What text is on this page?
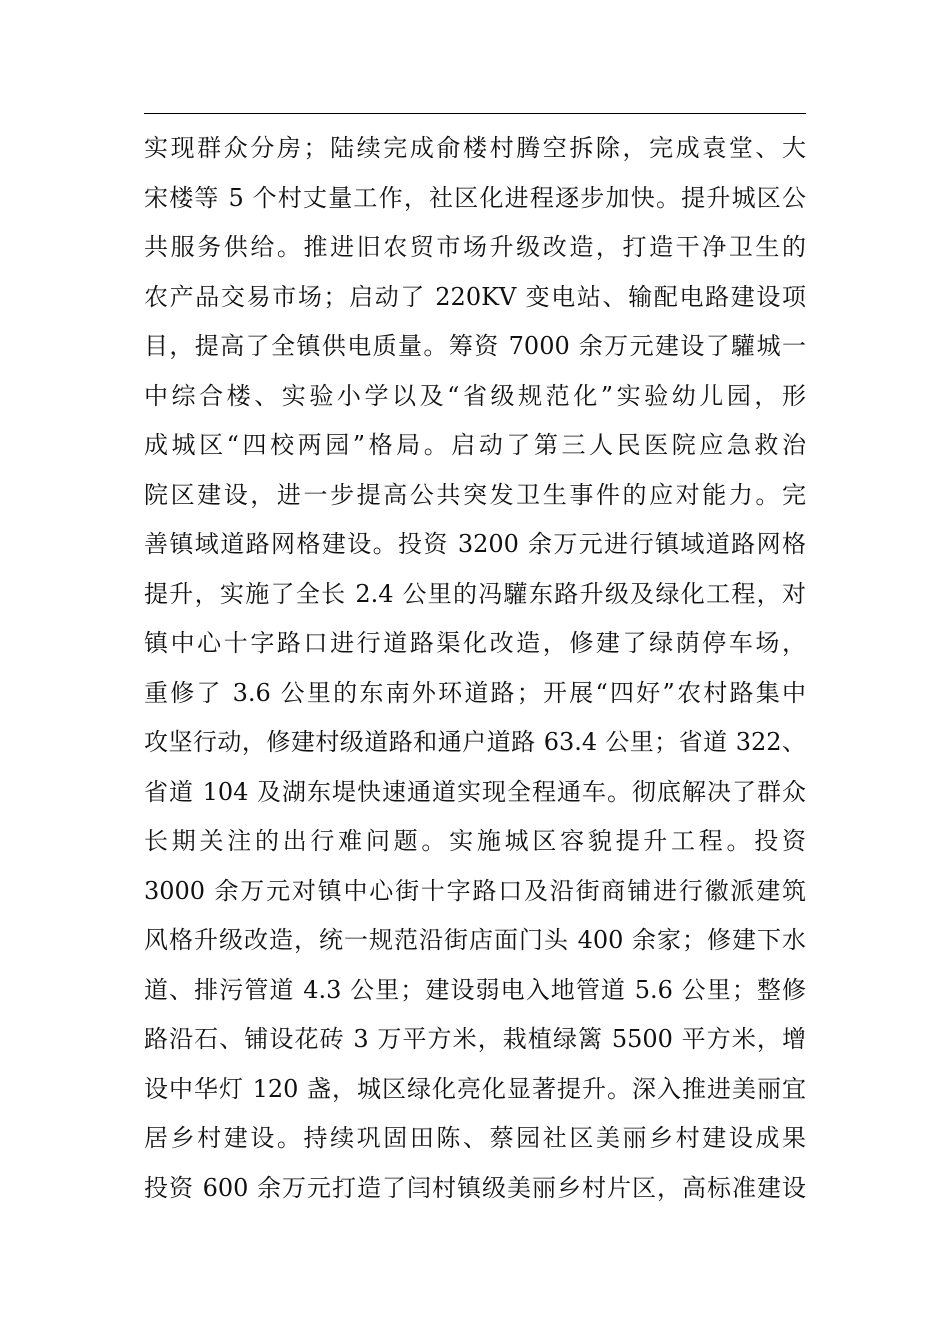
实现群众分房；陆续完成俞楼村腾空拆除，完成袁堂、大
宋楼等 5 个村丈量工作，社区化进程逐步加快。提升城区公
共服务供给。推进旧农贸市场升级改造，打造干净卫生的
农产品交易市场；启动了 220KV 变电站、输配电路建设项
目，提高了全镇供电质量。筹资 7000 余万元建设了驩城一
中综合楼、实验小学以及“省级规范化”实验幼儿园，形
成城区“四校两园”格局。启动了第三人民医院应急救治
院区建设，进一步提高公共突发卫生事件的应对能力。完
善镇域道路网格建设。投资 3200 余万元进行镇域道路网格
提升，实施了全长 2.4 公里的冯驩东路升级及绿化工程，对
镇中心十字路口进行道路渠化改造，修建了绿荫停车场，
重修了 3.6 公里的东南外环道路；开展“四好”农村路集中
攻坚行动，修建村级道路和通户道路 63.4 公里；省道 322、
省道 104 及湖东堤快速通道实现全程通车。彻底解决了群众
长期关注的出行难问题。实施城区容貌提升工程。投资
3000 余万元对镇中心街十字路口及沿街商铺进行徽派建筑
风格升级改造，统一规范沿街店面门头 400 余家；修建下水
道、排污管道 4.3 公里；建设弱电入地管道 5.6 公里；整修
路沿石、铺设花砖 3 万平方米，栽植绿篱 5500 平方米，增
设中华灯 120 盏，城区绿化亮化显著提升。深入推进美丽宜
居乡村建设。持续巩固田陈、蔡园社区美丽乡村建设成果
投资 600 余万元打造了闫村镇级美丽乡村片区，高标准建设
